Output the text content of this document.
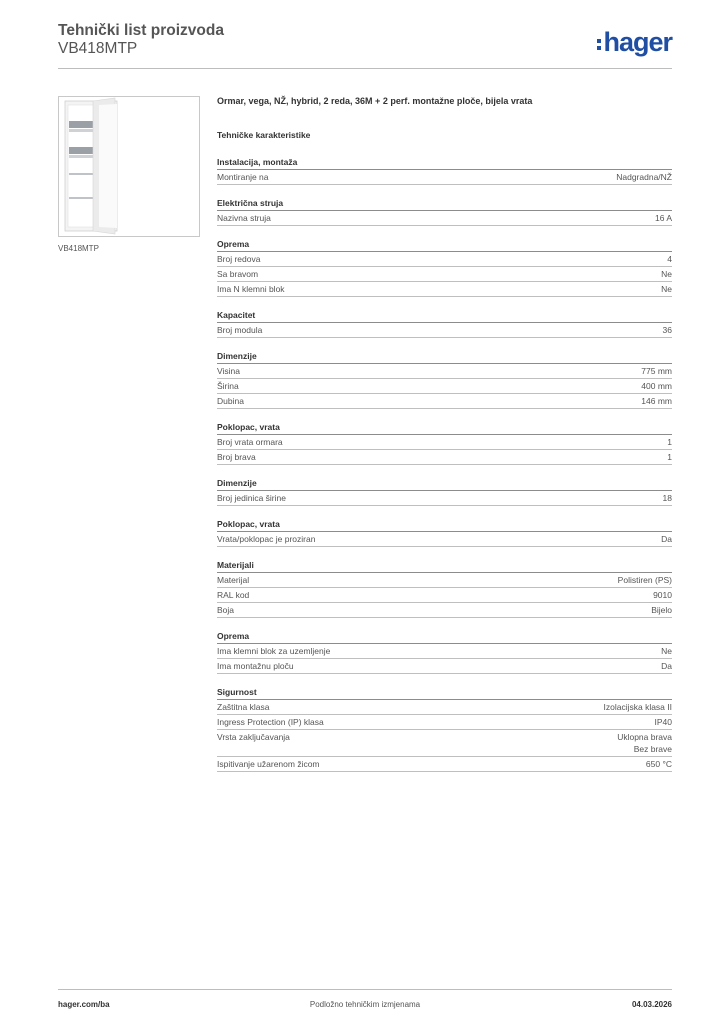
Tehnički list proizvoda
VB418MTP	hager
VB418MTP
Ormar, vega, NŽ, hybrid, 2 reda, 36M + 2 perf. montažne ploče, bijela vrata
Tehničke karakteristike
Instalacija, montaža
Montiranje na	Nadgradna/NŽ
Električna struja
Nazivna struja	16 A
Oprema
Broj redova	4
Sa bravom	Ne
Ima N klemni blok	Ne
Kapacitet
Broj modula	36
Dimenzije
Visina	775 mm
Širina	400 mm
Dubina	146 mm
Poklopac, vrata
Broj vrata ormara	1
Broj brava	1
Dimenzije
Broj jedinica širine	18
Poklopac, vrata
Vrata/poklopac je proziran	Da
Materijali
Materijal	Polistiren (PS)
RAL kod	9010
Boja	Bijelo
Oprema
Ima klemni blok za uzemljenje	Ne
Ima montažnu ploču	Da
Sigurnost
Zaštitna klasa	Izolacijska klasa II
Ingress Protection (IP) klasa	IP40
Vrsta zaključavanja	Uklopna brava
Bez brave
Ispitivanje užarenom žicom	650 °C
hager.com/ba	Podložno tehničkim izmjenama	04.03.2026
